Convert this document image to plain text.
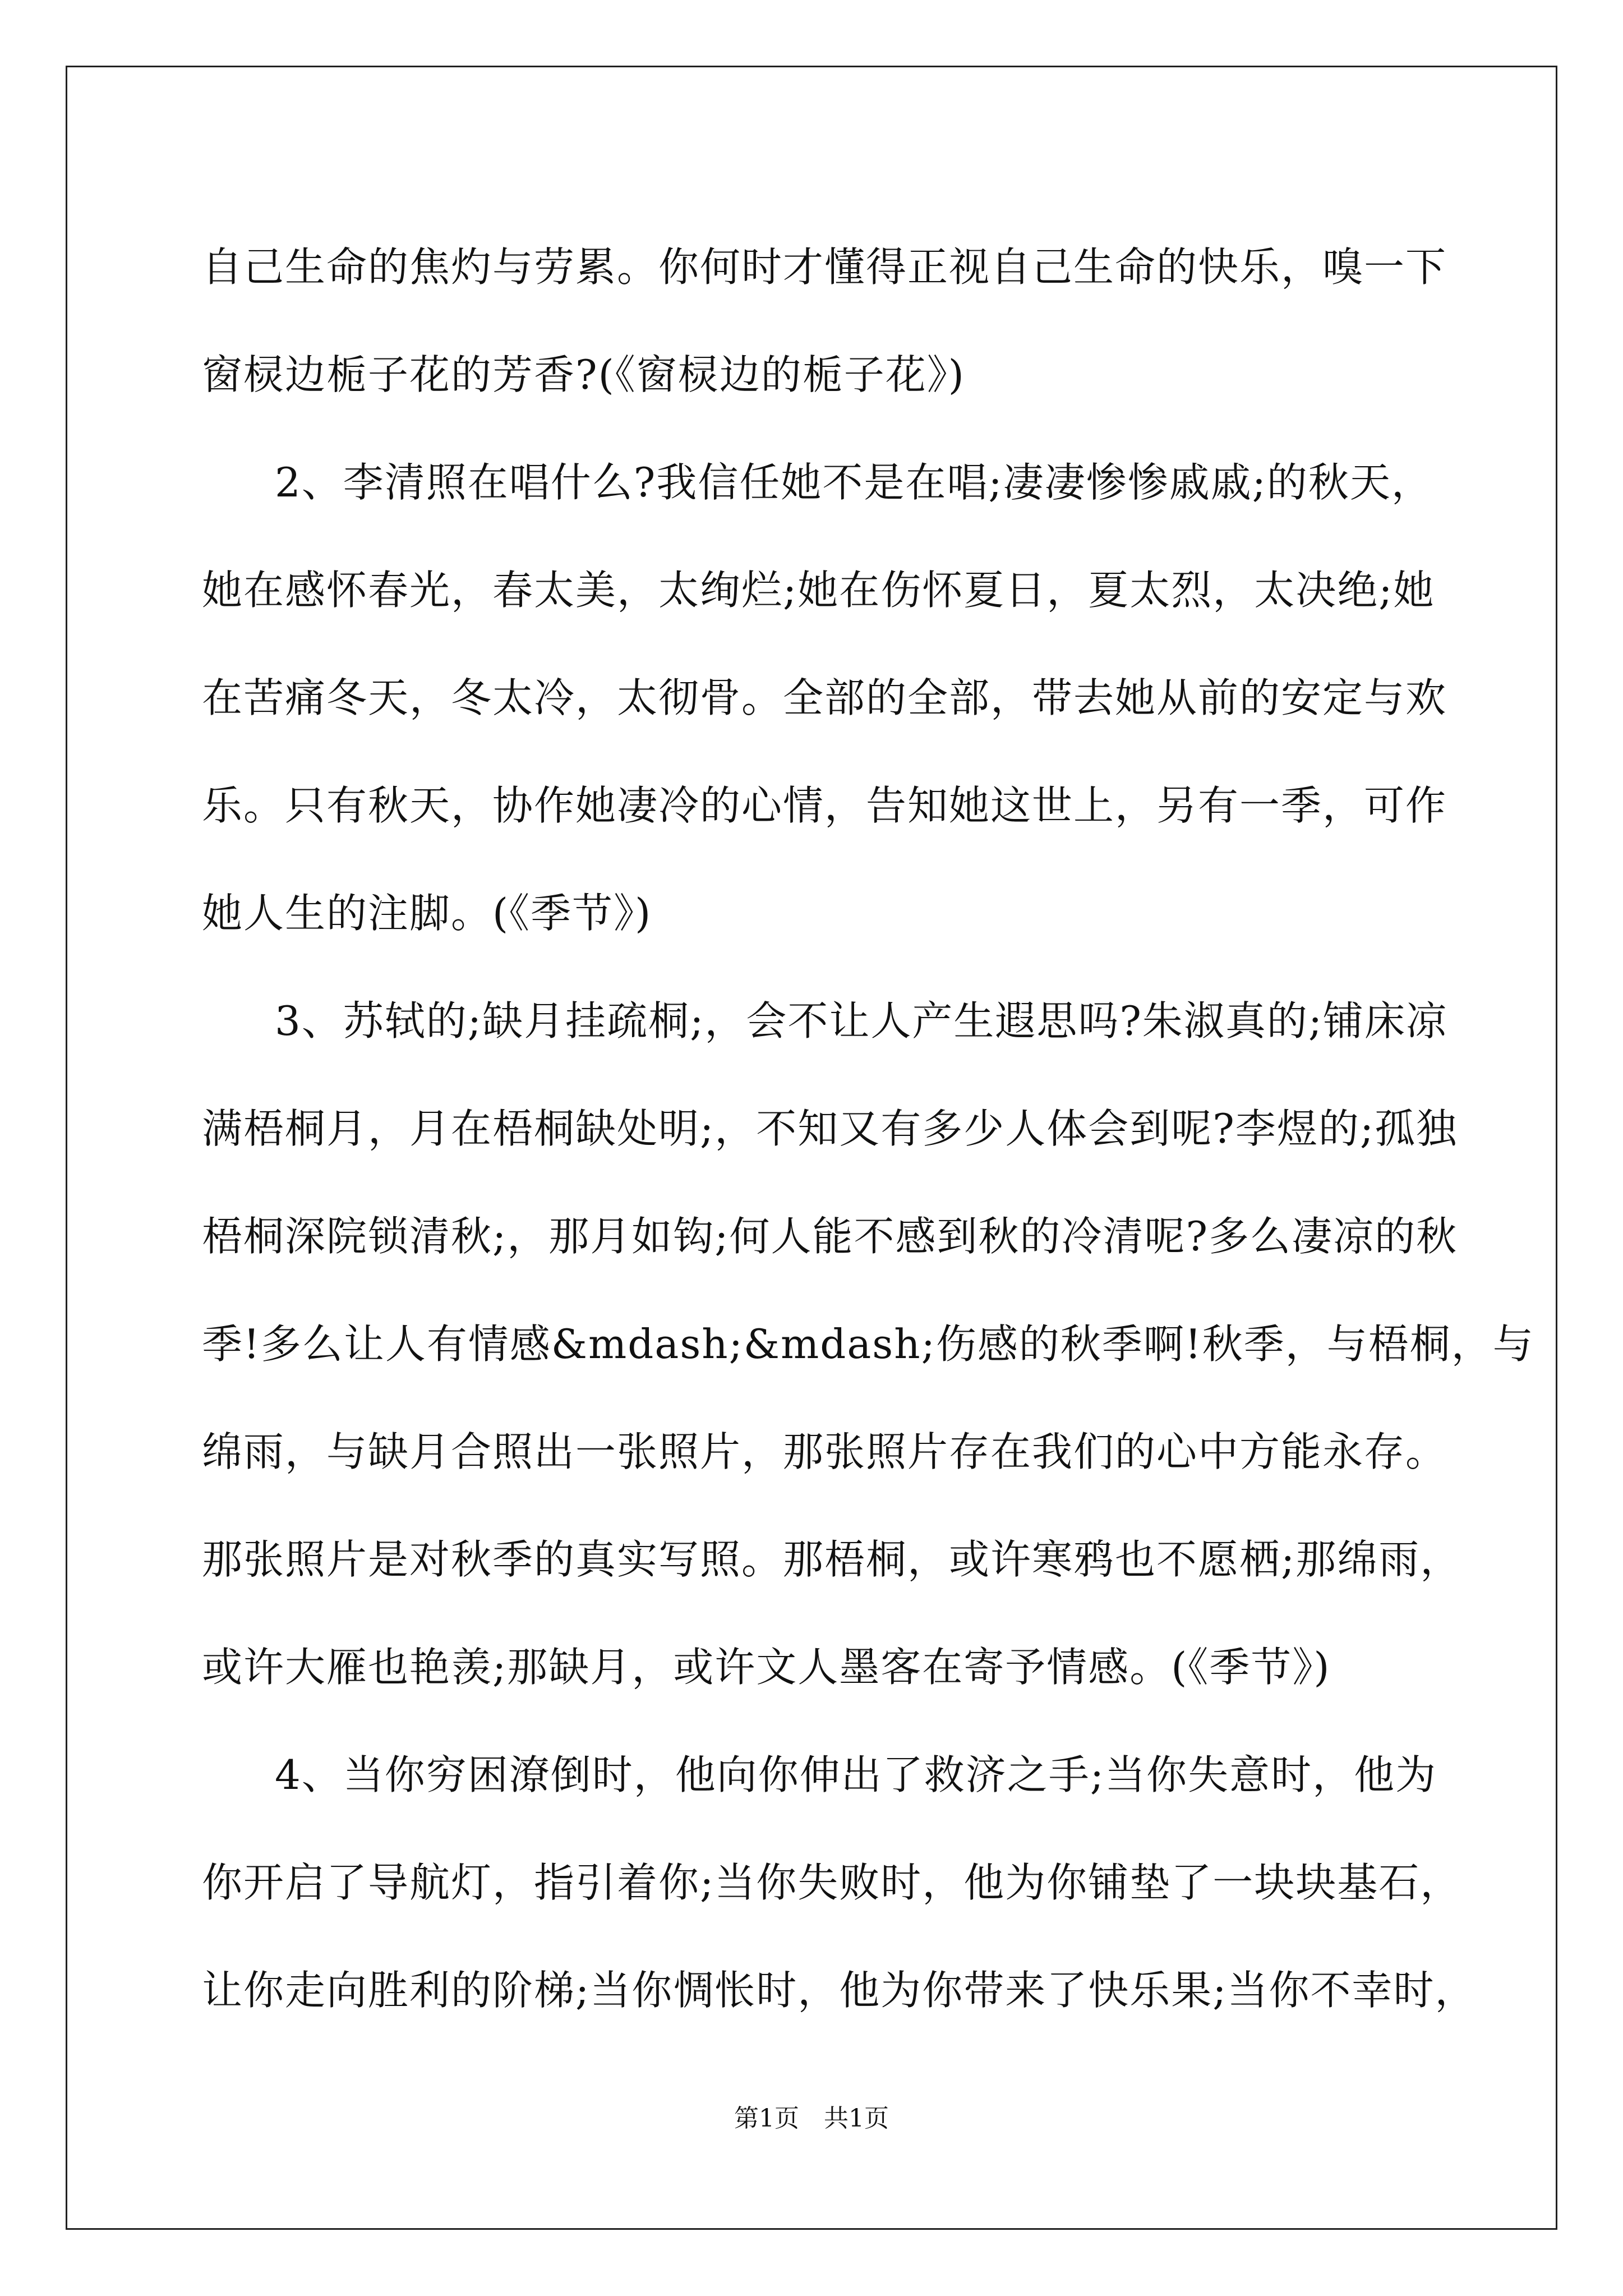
自己生命的焦灼与劳累。你何时才懂得正视自己生命的快乐，嗅一下
窗棂边栀子花的芳香?(《窗棂边的栀子花》)
2、李清照在唱什么?我信任她不是在唱;凄凄惨惨戚戚;的秋天，
她在感怀春光，春太美，太绚烂;她在伤怀夏日，夏太烈，太决绝;她
在苦痛冬天，冬太冷，太彻骨。全部的全部，带去她从前的安定与欢
乐。只有秋天，协作她凄冷的心情，告知她这世上，另有一季，可作
她人生的注脚。(《季节》)
3、苏轼的;缺月挂疏桐;，会不让人产生遐思吗?朱淑真的;铺床凉
满梧桐月，月在梧桐缺处明;，不知又有多少人体会到呢?李煜的;孤独
梧桐深院锁清秋;，那月如钩;何人能不感到秋的冷清呢?多么凄凉的秋
季!多么让人有情感&mdash;&mdash;伤感的秋季啊!秋季，与梧桐，与
绵雨，与缺月合照出一张照片，那张照片存在我们的心中方能永存。
那张照片是对秋季的真实写照。那梧桐，或许寒鸦也不愿栖;那绵雨，
或许大雁也艳羡;那缺月，或许文人墨客在寄予情感。(《季节》)
4、当你穷困潦倒时，他向你伸出了救济之手;当你失意时，他为
你开启了导航灯，指引着你;当你失败时，他为你铺垫了一块块基石，
让你走向胜利的阶梯;当你惆怅时，他为你带来了快乐果;当你不幸时，
第1页　共1页
